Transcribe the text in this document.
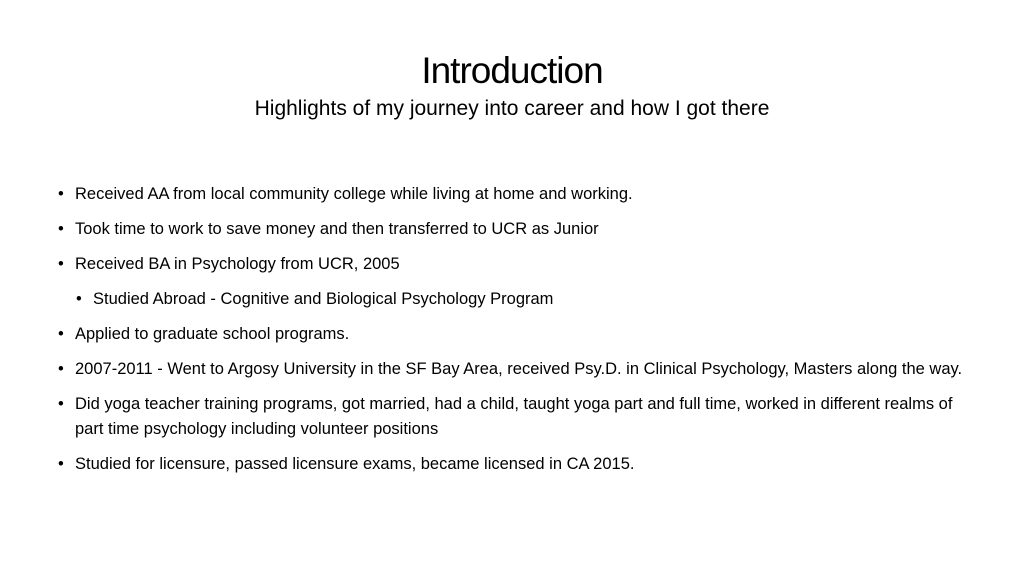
Introduction
Highlights of my journey into career and how I got there
• Received AA from local community college while living at home and working.
• Took time to work to save money and then transferred to UCR as Junior
• Received BA in Psychology from UCR, 2005
• Studied Abroad - Cognitive and Biological Psychology Program
• Applied to graduate school programs.
• 2007-2011 - Went to Argosy University in the SF Bay Area, received Psy.D. in Clinical Psychology, Masters along the way.
• Did yoga teacher training programs, got married, had a child, taught yoga part and full time, worked in different realms of part time psychology including volunteer positions
• Studied for licensure, passed licensure exams, became licensed in CA 2015.
